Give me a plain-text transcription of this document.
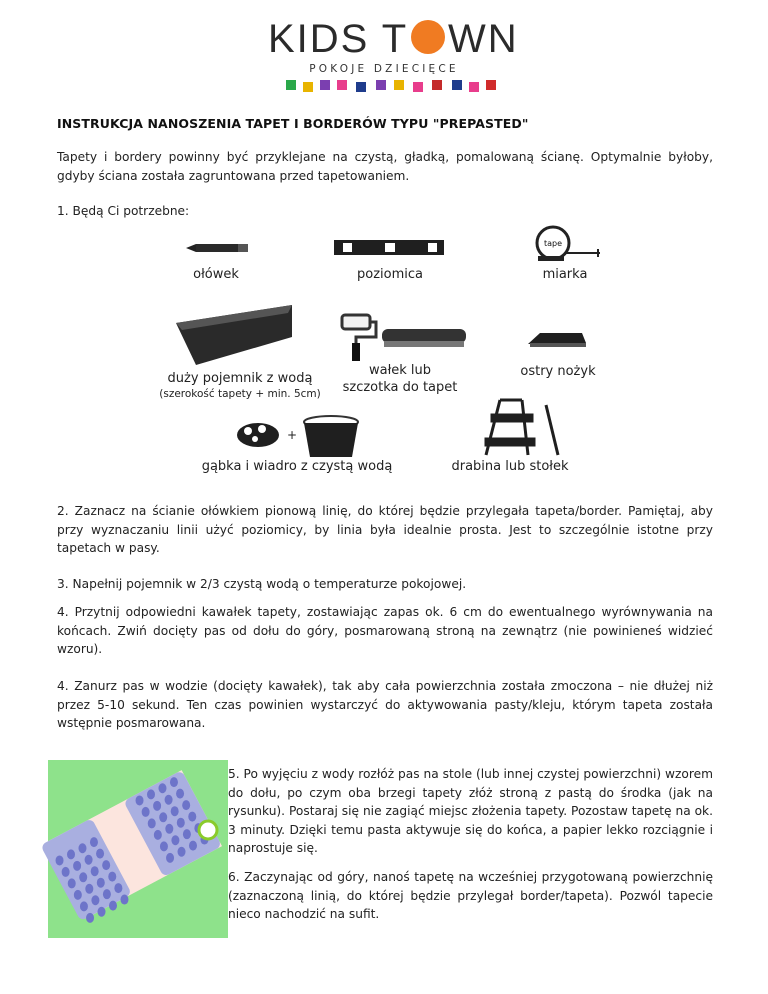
KIDS T WN
POKOJE DZIECIĘCE
INSTRUKCJA NANOSZENIA TAPET I BORDERÓW TYPU "PREPASTED"
Tapety i bordery powinny być przyklejane na czystą, gładką, pomalowaną ścianę. Optymalnie byłoby, gdyby ściana została zagruntowana przed tapetowaniem.
1. Będą Ci potrzebne:
tape
+
ołówek	poziomica	miarka
duży pojemnik z wodą
(szerokość tapety + min. 5cm)
wałek lub
szczotka do tapet
ostry nożyk
gąbka i wiadro z czystą wodą	drabina lub stołek
2. Zaznacz na ścianie ołówkiem pionową linię, do której będzie przylegała tapeta/border. Pamiętaj, aby przy wyznaczaniu linii użyć poziomicy, by linia była idealnie prosta. Jest to szczególnie istotne przy tapetach w pasy.
3. Napełnij pojemnik w 2/3 czystą wodą o temperaturze pokojowej.
4. Przytnij odpowiedni kawałek tapety, zostawiając zapas ok. 6 cm do ewentualnego wyrównywania na końcach. Zwiń docięty pas od dołu do góry, posmarowaną stroną na zewnątrz (nie powinieneś widzieć wzoru).
4. Zanurz pas w wodzie (docięty kawałek), tak aby cała powierzchnia została zmoczona – nie dłużej niż przez 5-10 sekund. Ten czas powinien wystarczyć do aktywowania pasty/kleju, którym tapeta została wstępnie posmarowana.
5. Po wyjęciu z wody rozłóż pas na stole (lub innej czystej powierzchni) wzorem do dołu, po czym oba brzegi tapety złóż stroną z pastą do środka (jak na rysunku). Postaraj się nie zagiąć miejsc złożenia tapety. Pozostaw tapetę na ok. 3 minuty. Dzięki temu pasta aktywuje się do końca, a papier lekko rozciągnie i naprostuje się.
6. Zaczynając od góry, nanoś tapetę na wcześniej przygotowaną powierzchnię (zaznaczoną linią, do której będzie przylegał border/tapeta). Pozwól tapecie nieco nachodzić na sufit.
